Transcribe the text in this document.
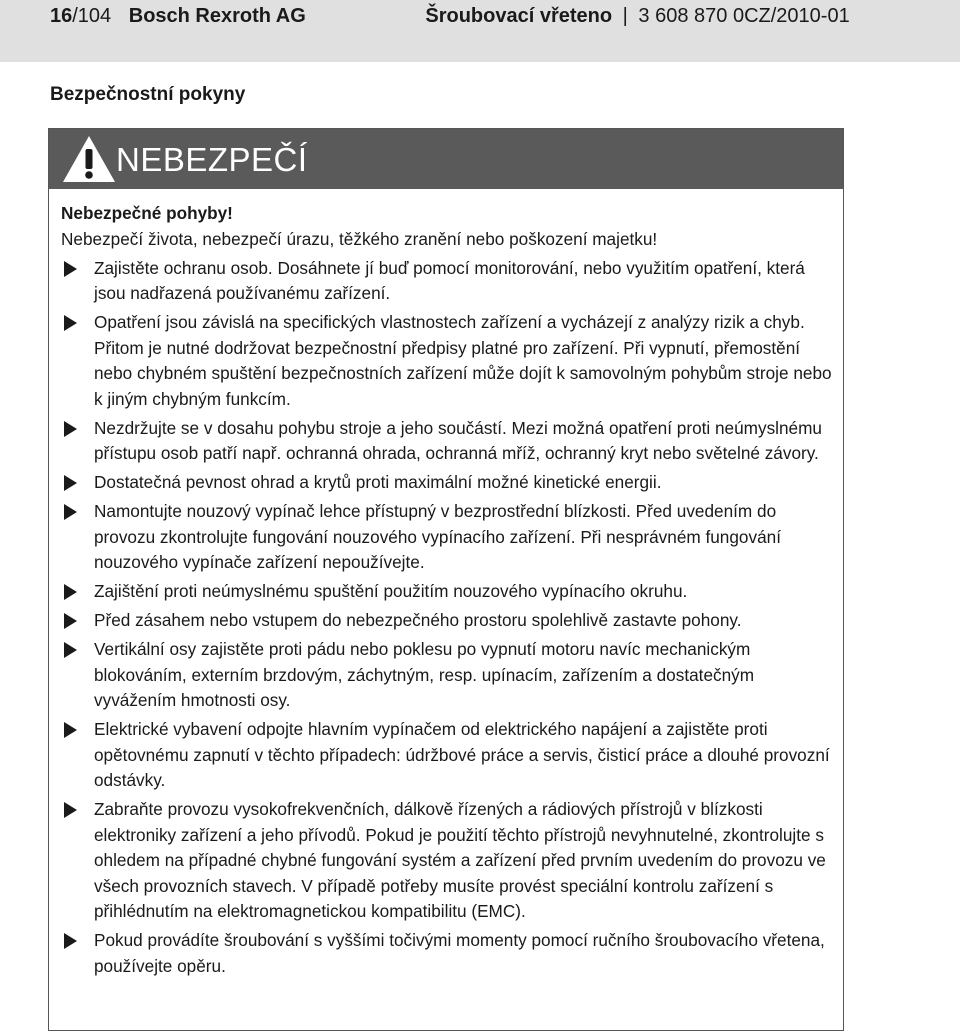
16/104 Bosch Rexroth AG	Šroubovací vřeteno | 3 608 870 0CZ/2010-01
Bezpečnostní pokyny
NEBEZPEČÍ
Nebezpečné pohyby!
Nebezpečí života, nebezpečí úrazu, těžkého zranění nebo poškození majetku!
Zajistěte ochranu osob. Dosáhnete jí buď pomocí monitorování, nebo využitím opatření, která jsou nadřazená používanému zařízení.
Opatření jsou závislá na specifických vlastnostech zařízení a vycházejí z analýzy rizik a chyb. Přitom je nutné dodržovat bezpečnostní předpisy platné pro zařízení. Při vypnutí, přemostění nebo chybném spuštění bezpečnostních zařízení může dojít k samovolným pohybům stroje nebo k jiným chybným funkcím.
Nezdržujte se v dosahu pohybu stroje a jeho součástí. Mezi možná opatření proti neúmyslnému přístupu osob patří např. ochranná ohrada, ochranná mříž, ochranný kryt nebo světelné závory.
Dostatečná pevnost ohrad a krytů proti maximální možné kinetické energii.
Namontujte nouzový vypínač lehce přístupný v bezprostřední blízkosti. Před uvedením do provozu zkontrolujte fungování nouzového vypínacího zařízení. Při nesprávném fungování nouzového vypínače zařízení nepoužívejte.
Zajištění proti neúmyslnému spuštění použitím nouzového vypínacího okruhu.
Před zásahem nebo vstupem do nebezpečného prostoru spolehlivě zastavte pohony.
Vertikální osy zajistěte proti pádu nebo poklesu po vypnutí motoru navíc mechanickým blokováním, externím brzdovým, záchytným, resp. upínacím, zařízením a dostatečným vyvážením hmotnosti osy.
Elektrické vybavení odpojte hlavním vypínačem od elektrického napájení a zajistěte proti opětovnému zapnutí v těchto případech: údržbové práce a servis, čisticí práce a dlouhé provozní odstávky.
Zabraňte provozu vysokofrekvenčních, dálkově řízených a rádiových přístrojů v blízkosti elektroniky zařízení a jeho přívodů. Pokud je použití těchto přístrojů nevyhnutelné, zkontrolujte s ohledem na případné chybné fungování systém a zařízení před prvním uvedením do provozu ve všech provozních stavech. V případě potřeby musíte provést speciální kontrolu zařízení s přihlédnutím na elektromagnetickou kompatibilitu (EMC).
Pokud provádíte šroubování s vyššími točivými momenty pomocí ručního šroubovacího vřetena, používejte opěru.
